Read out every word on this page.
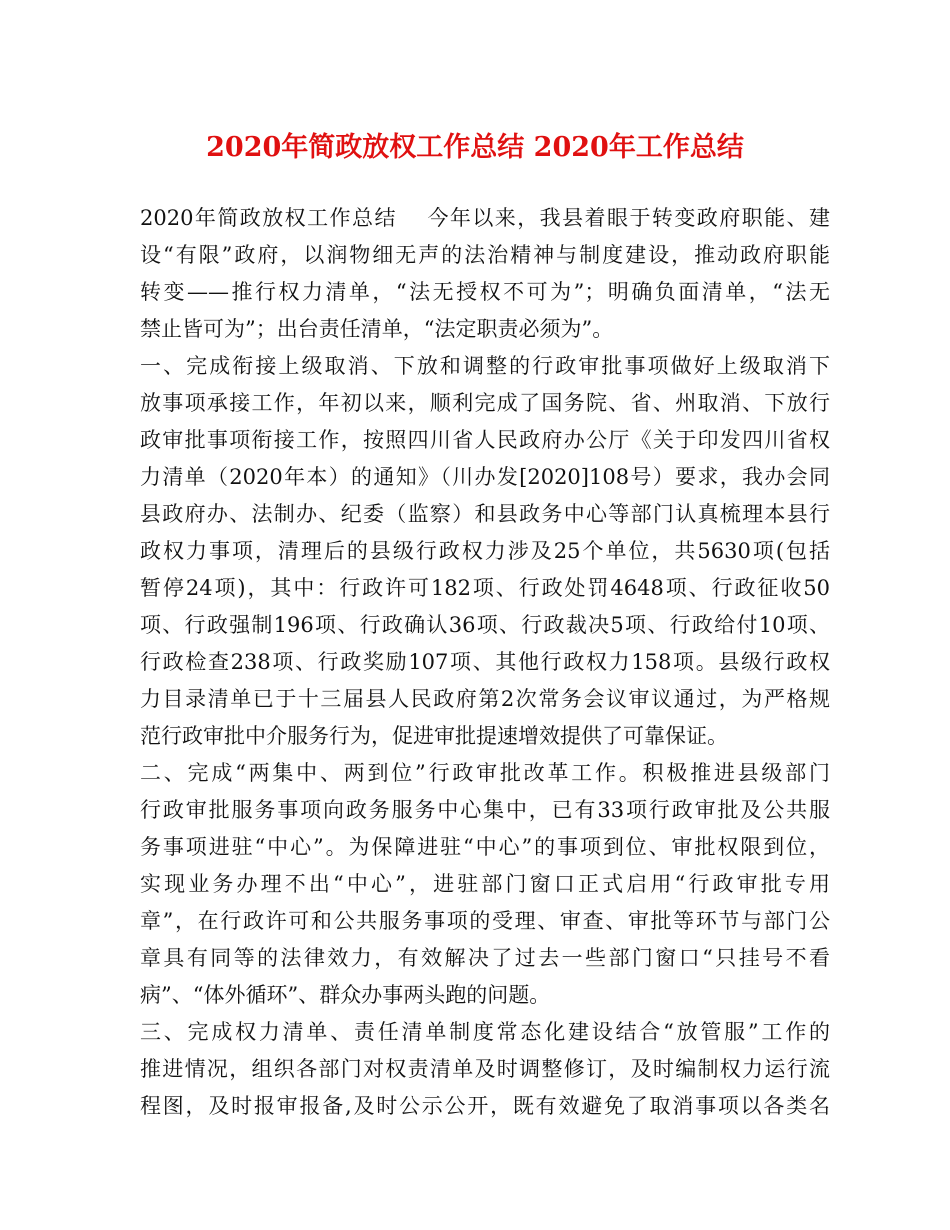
2020年简政放权工作总结 2020年工作总结
2020年简政放权工作总结　 今年以来，我县着眼于转变政府职能、建
设“有限”政府，以润物细无声的法治精神与制度建设，推动政府职能
转变——推行权力清单，“法无授权不可为”；明确负面清单，“法无
禁止皆可为”；出台责任清单，“法定职责必须为”。
一、完成衔接上级取消、下放和调整的行政审批事项做好上级取消下
放事项承接工作，年初以来，顺利完成了国务院、省、州取消、下放行
政审批事项衔接工作，按照四川省人民政府办公厅《关于印发四川省权
力清单（2020年本）的通知》（川办发[2020]108号）要求，我办会同
县政府办、法制办、纪委（监察）和县政务中心等部门认真梳理本县行
政权力事项，清理后的县级行政权力涉及25个单位，共5630项(包括
暂停24项)，其中：行政许可182项、行政处罚4648项、行政征收50
项、行政强制196项、行政确认36项、行政裁决5项、行政给付10项、
行政检查238项、行政奖励107项、其他行政权力158项。县级行政权
力目录清单已于十三届县人民政府第2次常务会议审议通过，为严格规
范行政审批中介服务行为，促进审批提速增效提供了可靠保证。
二、完成“两集中、两到位”行政审批改革工作。积极推进县级部门
行政审批服务事项向政务服务中心集中，已有33项行政审批及公共服
务事项进驻“中心”。为保障进驻“中心”的事项到位、审批权限到位，
实现业务办理不出“中心”，进驻部门窗口正式启用“行政审批专用
章”，在行政许可和公共服务事项的受理、审查、审批等环节与部门公
章具有同等的法律效力，有效解决了过去一些部门窗口“只挂号不看
病”、“体外循环”、群众办事两头跑的问题。
三、完成权力清单、责任清单制度常态化建设结合“放管服”工作的
推进情况，组织各部门对权责清单及时调整修订，及时编制权力运行流
程图，及时报审报备,及时公示公开，既有效避免了取消事项以各类名
